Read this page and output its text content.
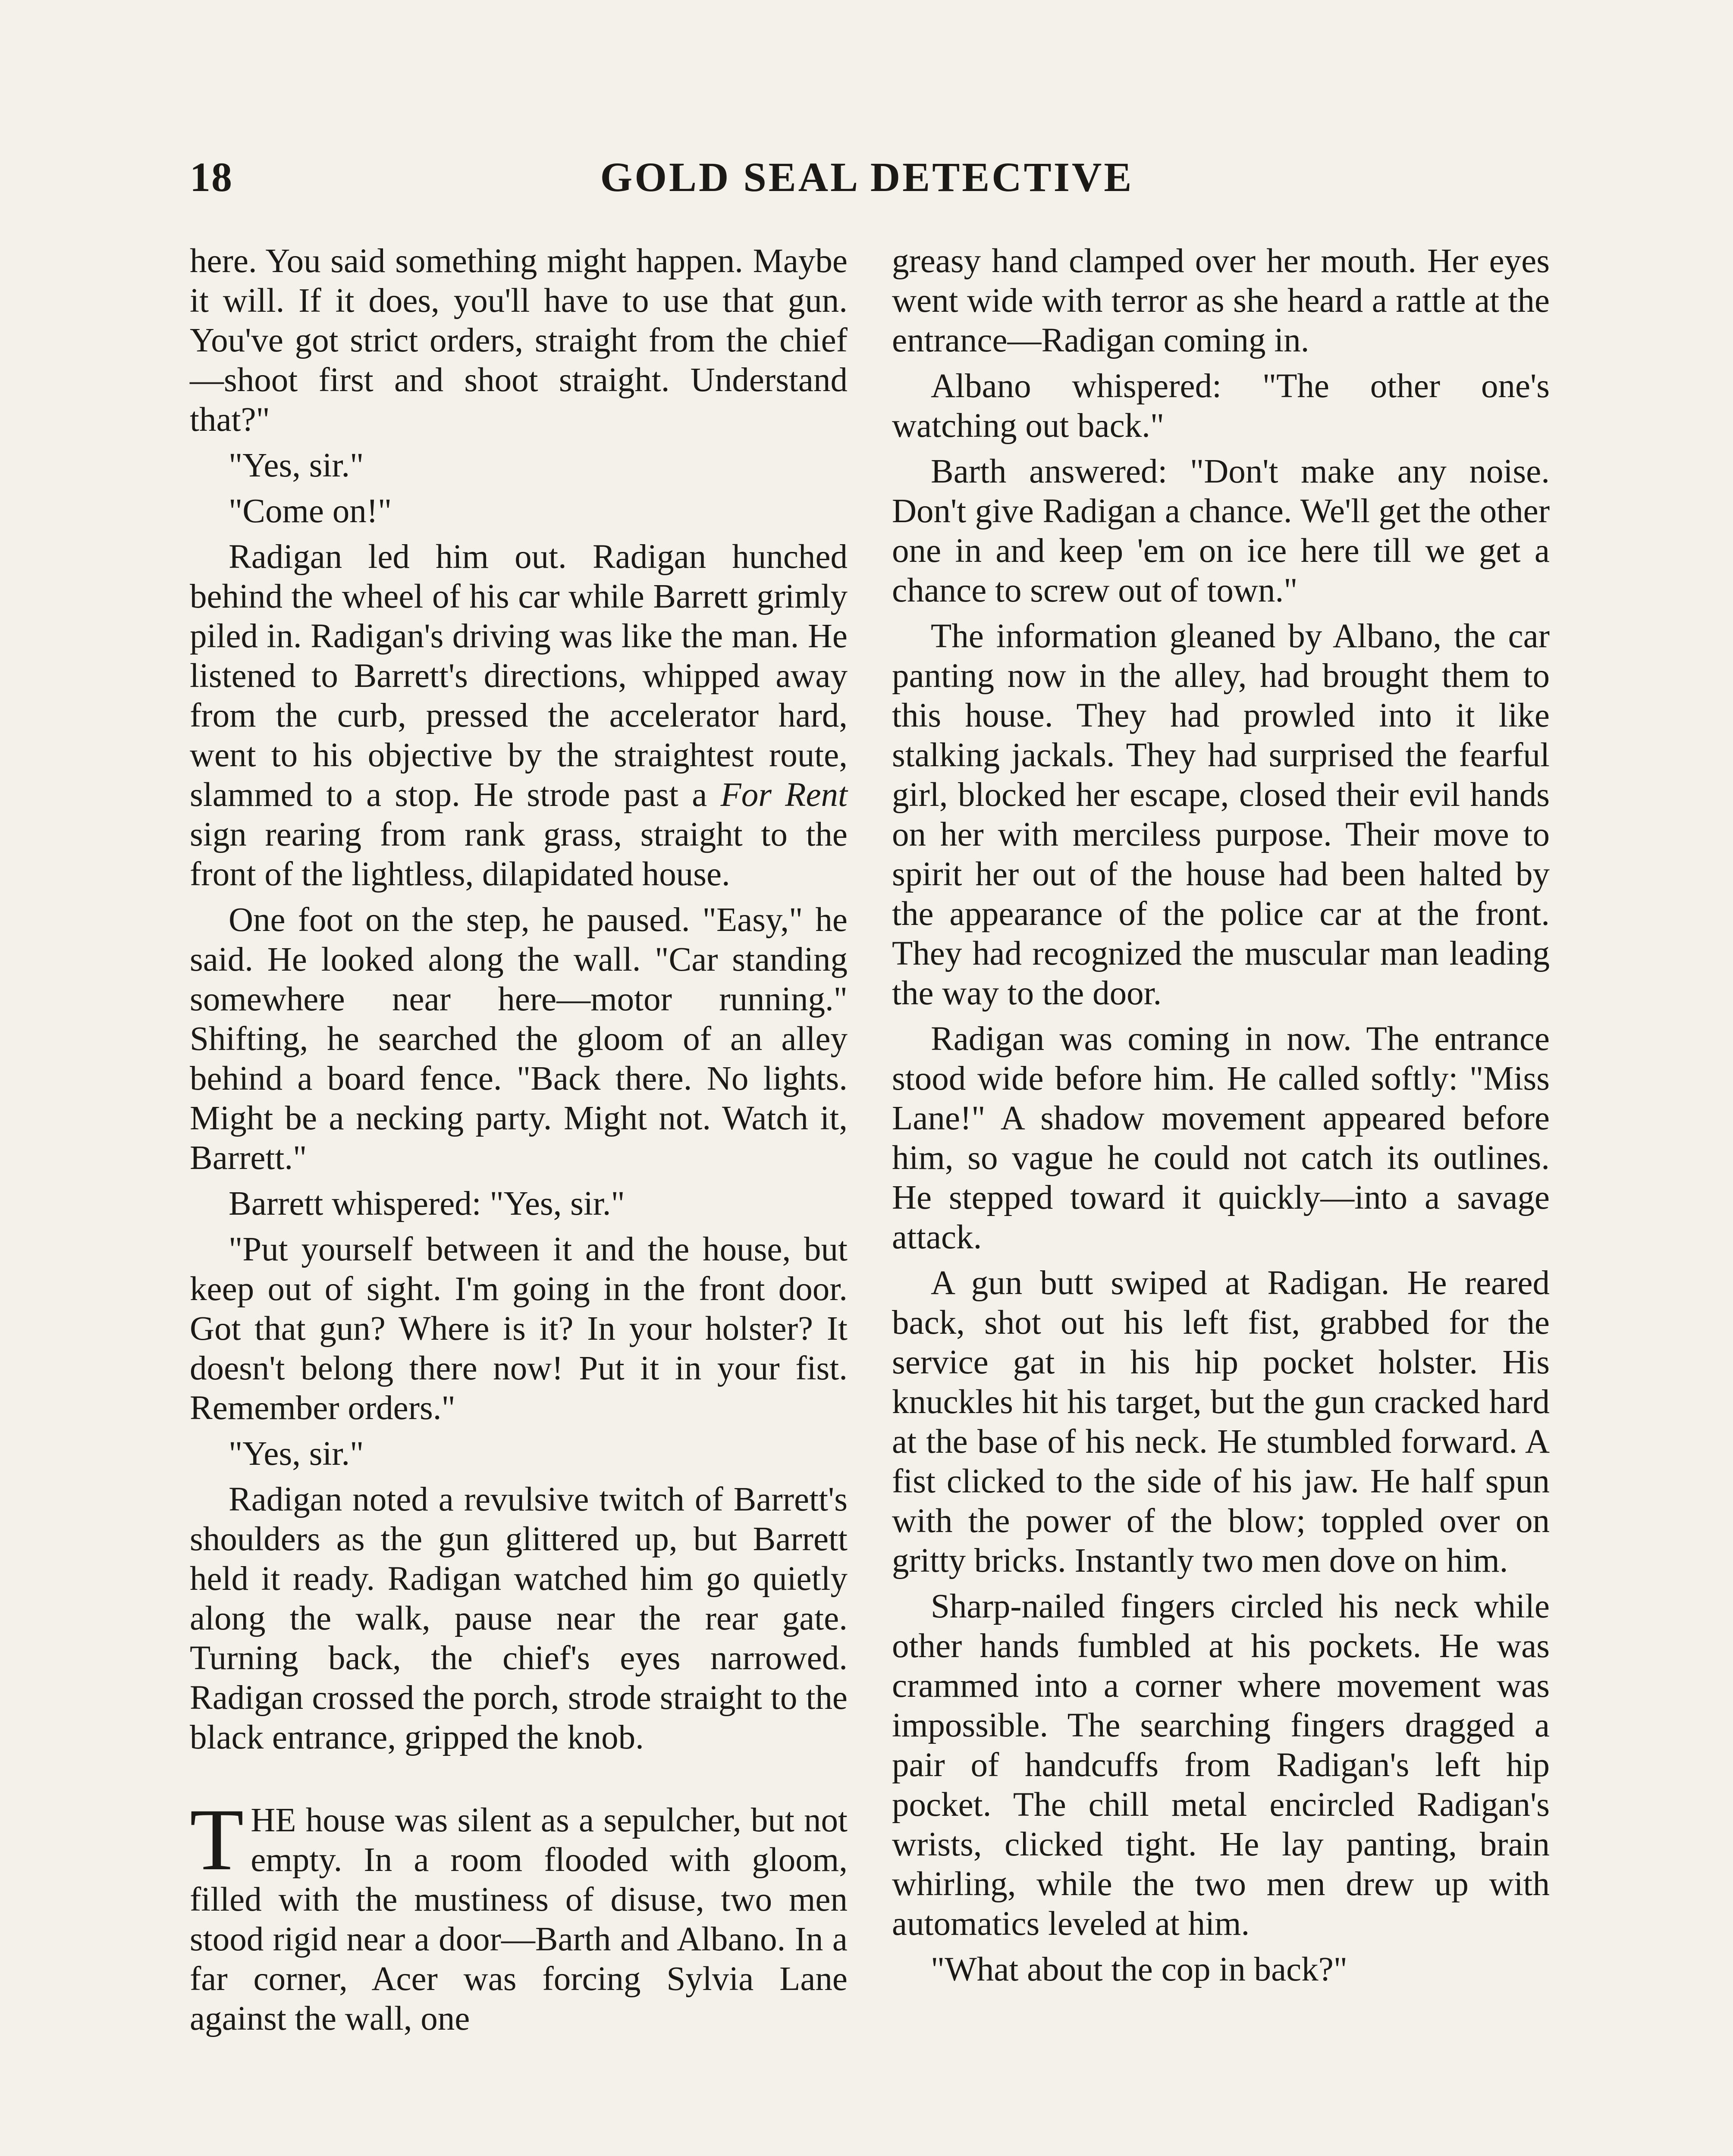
18	GOLD SEAL DETECTIVE

here. You said something might happen. Maybe it will. If it does, you'll have to use that gun. You've got strict orders, straight from the chief —shoot first and shoot straight. Understand that?"

"Yes, sir."

"Come on!"

Radigan led him out. Radigan hunched behind the wheel of his car while Barrett grimly piled in. Radigan's driving was like the man. He listened to Barrett's directions, whipped away from the curb, pressed the accelerator hard, went to his objective by the straightest route, slammed to a stop. He strode past a For Rent sign rearing from rank grass, straight to the front of the lightless, dilapidated house.

One foot on the step, he paused. "Easy," he said. He looked along the wall. "Car standing somewhere near here—motor running." Shifting, he searched the gloom of an alley behind a board fence. "Back there. No lights. Might be a necking party. Might not. Watch it, Barrett."

Barrett whispered: "Yes, sir."

"Put yourself between it and the house, but keep out of sight. I'm going in the front door. Got that gun? Where is it? In your holster? It doesn't belong there now! Put it in your fist. Remember orders."

"Yes, sir."

Radigan noted a revulsive twitch of Barrett's shoulders as the gun glittered up, but Barrett held it ready. Radigan watched him go quietly along the walk, pause near the rear gate. Turning back, the chief's eyes narrowed. Radigan crossed the porch, strode straight to the black entrance, gripped the knob.

THE house was silent as a sepulcher, but not empty. In a room flooded with gloom, filled with the mustiness of disuse, two men stood rigid near a door—Barth and Albano. In a far corner, Acer was forcing Sylvia Lane against the wall, one

greasy hand clamped over her mouth. Her eyes went wide with terror as she heard a rattle at the entrance—Radigan coming in.

Albano whispered: "The other one's watching out back."

Barth answered: "Don't make any noise. Don't give Radigan a chance. We'll get the other one in and keep 'em on ice here till we get a chance to screw out of town."

The information gleaned by Albano, the car panting now in the alley, had brought them to this house. They had prowled into it like stalking jackals. They had surprised the fearful girl, blocked her escape, closed their evil hands on her with merciless purpose. Their move to spirit her out of the house had been halted by the appearance of the police car at the front. They had recognized the muscular man leading the way to the door.

Radigan was coming in now. The entrance stood wide before him. He called softly: "Miss Lane!" A shadow movement appeared before him, so vague he could not catch its outlines. He stepped toward it quickly—into a savage attack.

A gun butt swiped at Radigan. He reared back, shot out his left fist, grabbed for the service gat in his hip pocket holster. His knuckles hit his target, but the gun cracked hard at the base of his neck. He stumbled forward. A fist clicked to the side of his jaw. He half spun with the power of the blow; toppled over on gritty bricks. Instantly two men dove on him.

Sharp-nailed fingers circled his neck while other hands fumbled at his pockets. He was crammed into a corner where movement was impossible. The searching fingers dragged a pair of handcuffs from Radigan's left hip pocket. The chill metal encircled Radigan's wrists, clicked tight. He lay panting, brain whirling, while the two men drew up with automatics leveled at him.

"What about the cop in back?"
